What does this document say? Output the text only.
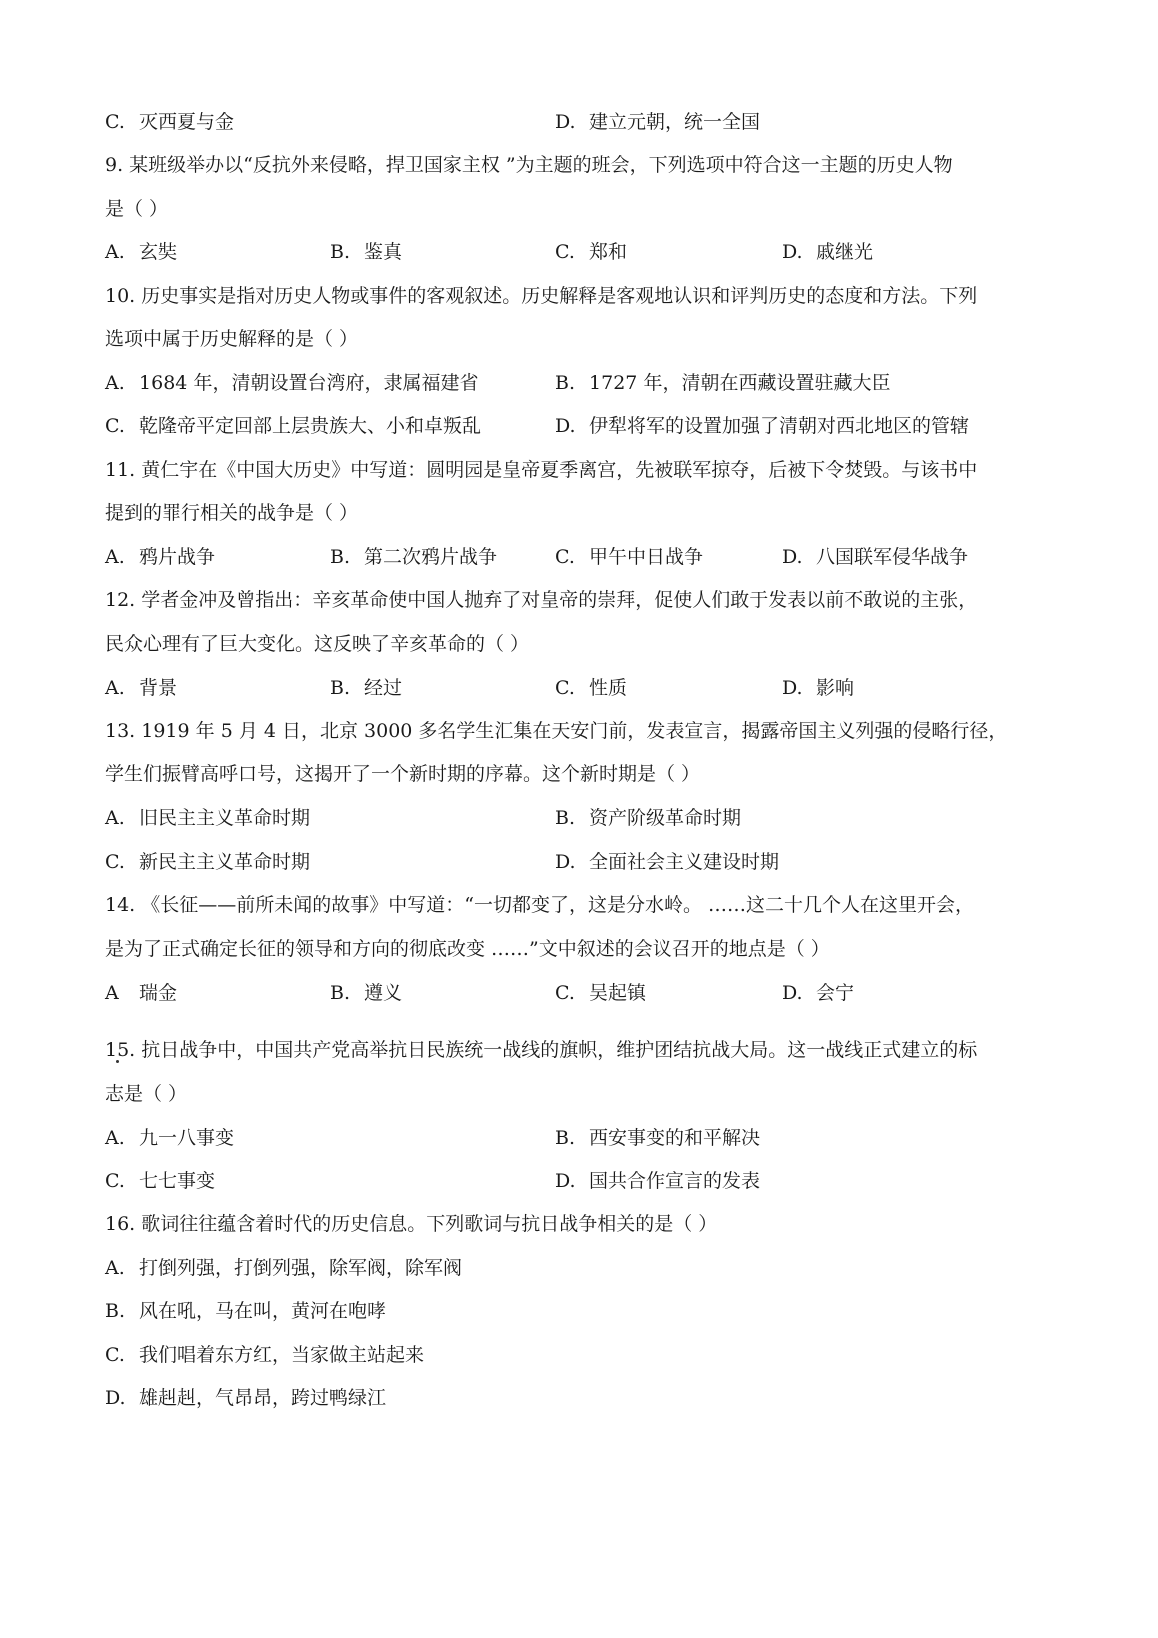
C. 灭西夏与金	D. 建立元朝，统一全国
9. 某班级举办以“反抗外来侵略，捍卫国家主权 ”为主题的班会，下列选项中符合这一主题的历史人物
是（ ）
A. 玄奘	B. 鉴真	C. 郑和	D. 戚继光
10. 历史事实是指对历史人物或事件的客观叙述。历史解释是客观地认识和评判历史的态度和方法。下列
选项中属于历史解释的是（ ）
A. 1684 年，清朝设置台湾府，隶属福建省	B. 1727 年，清朝在西藏设置驻藏大臣
C. 乾隆帝平定回部上层贵族大、小和卓叛乱	D. 伊犁将军的设置加强了清朝对西北地区的管辖
11. 黄仁宇在《中国大历史》中写道：圆明园是皇帝夏季离宫，先被联军掠夺，后被下令焚毁。与该书中
提到的罪行相关的战争是（ ）
A. 鸦片战争	B. 第二次鸦片战争	C. 甲午中日战争	D. 八国联军侵华战争
12. 学者金冲及曾指出：辛亥革命使中国人抛弃了对皇帝的崇拜，促使人们敢于发表以前不敢说的主张，
民众心理有了巨大变化。这反映了辛亥革命的（ ）
A. 背景	B. 经过	C. 性质	D. 影响
13. 1919 年 5 月 4 日，北京 3000 多名学生汇集在天安门前，发表宣言，揭露帝国主义列强的侵略行径，
学生们振臂高呼口号，这揭开了一个新时期的序幕。这个新时期是（ ）
A. 旧民主主义革命时期	B. 资产阶级革命时期
C. 新民主主义革命时期	D. 全面社会主义建设时期
14. 《长征——前所未闻的故事》中写道：“一切都变了，这是分水岭。 ……这二十几个人在这里开会，
是为了正式确定长征的领导和方向的彻底改变 ……”文中叙述的会议召开的地点是（ ）
A 瑞金	B. 遵义	C. 吴起镇	D. 会宁
15. 抗日战争中，中国共产党高举抗日民族统一战线的旗帜，维护团结抗战大局。这一战线正式建立的标
志是（ ）
A. 九一八事变	B. 西安事变的和平解决
C. 七七事变	D. 国共合作宣言的发表
16. 歌词往往蕴含着时代的历史信息。下列歌词与抗日战争相关的是（ ）
A. 打倒列强，打倒列强，除军阀，除军阀
B. 风在吼，马在叫，黄河在咆哮
C. 我们唱着东方红，当家做主站起来
D. 雄赳赳，气昂昂，跨过鸭绿江
